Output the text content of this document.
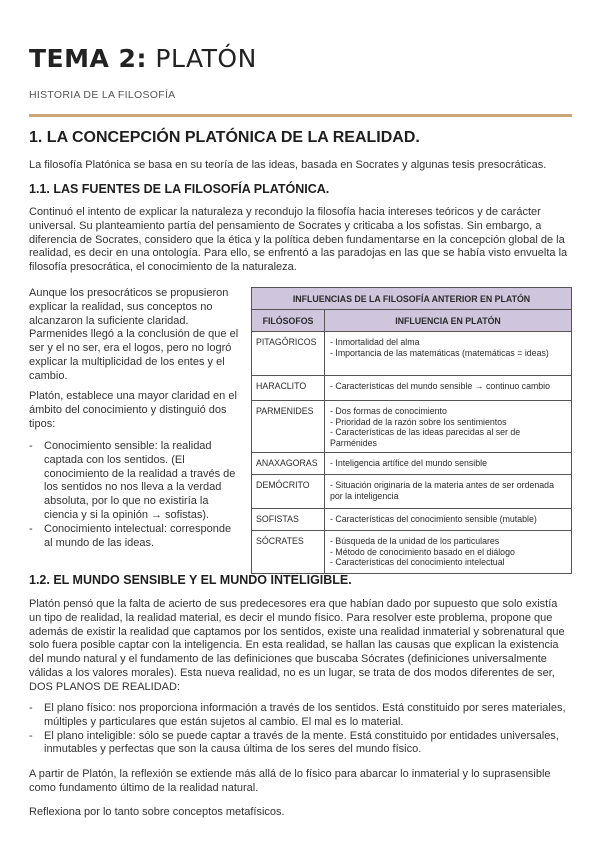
TEMA 2: PLATÓN
HISTORIA DE LA FILOSOFÍA
1. LA CONCEPCIÓN PLATÓNICA DE LA REALIDAD.
La filosofía Platónica se basa en su teoría de las ideas, basada en Socrates y algunas tesis presocráticas.
1.1. LAS FUENTES DE LA FILOSOFÍA PLATÓNICA.
Continuó el intento de explicar la naturaleza y recondujo la filosofía hacia intereses teóricos y de carácter universal. Su planteamiento partía del pensamiento de Socrates y criticaba a los sofistas. Sin embargo, a diferencia de Socrates, considero que la ética y la política deben fundamentarse en la concepción global de la realidad, es decir en una ontología. Para ello, se enfrentó a las paradojas en las que se había visto envuelta la filosofía presocrática, el conocimiento de la naturaleza.
Aunque los presocráticos se propusieron explicar la realidad, sus conceptos no alcanzaron la suficiente claridad. Parmenides llegó a la conclusión de que el ser y el no ser, era el logos, pero no logró explicar la multiplicidad de los entes y el cambio.
Platón, establece una mayor claridad en el ámbito del conocimiento y distinguió dos tipos:
- Conocimiento sensible: la realidad captada con los sentidos. (El conocimiento de la realidad a través de los sentidos no nos lleva a la verdad absoluta, por lo que no existiría la ciencia y si la opinión → sofistas).
- Conocimiento intelectual: corresponde al mundo de las ideas.
INFLUENCIAS DE LA FILOSOFÍA ANTERIOR EN PLATÓN
FILÓSOFOS	INFLUENCIA EN PLATÓN
PITAGÓRICOS	- Inmortalidad del alma
- Importancia de las matemáticas (matemáticas = ideas)
HARACLITO	- Características del mundo sensible → continuo cambio
PARMENIDES	- Dos formas de conocimiento
- Prioridad de la razón sobre los sentimientos
- Características de las ideas parecidas al ser de Parménides
ANAXAGORAS	- Inteligencia artífice del mundo sensible
DEMÓCRITO	- Situación originaria de la materia antes de ser ordenada por la inteligencia
SOFISTAS	- Características del conocimiento sensible (mutable)
SÓCRATES	- Búsqueda de la unidad de los particulares
- Método de conocimiento basado en el diálogo
- Características del conocimiento intelectual
1.2. EL MUNDO SENSIBLE Y EL MUNDO INTELIGIBLE.
Platón pensó que la falta de acierto de sus predecesores era que habían dado por supuesto que solo existía un tipo de realidad, la realidad material, es decir el mundo físico. Para resolver este problema, propone que además de existir la realidad que captamos por los sentidos, existe una realidad inmaterial y sobrenatural que solo fuera posible captar con la inteligencia. En esta realidad, se hallan las causas que explican la existencia del mundo natural y el fundamento de las definiciones que buscaba Sócrates (definiciones universalmente válidas a los valores morales). Esta nueva realidad, no es un lugar, se trata de dos modos diferentes de ser, DOS PLANOS DE REALIDAD:
- El plano físico: nos proporciona información a través de los sentidos. Está constituido por seres materiales, múltiples y particulares que están sujetos al cambio. El mal es lo material.
- El plano inteligible: sólo se puede captar a través de la mente. Está constituido por entidades universales, inmutables y perfectas que son la causa última de los seres del mundo físico.
A partir de Platón, la reflexión se extiende más allá de lo físico para abarcar lo inmaterial y lo suprasensible como fundamento último de la realidad natural.
Reflexiona por lo tanto sobre conceptos metafísicos.
